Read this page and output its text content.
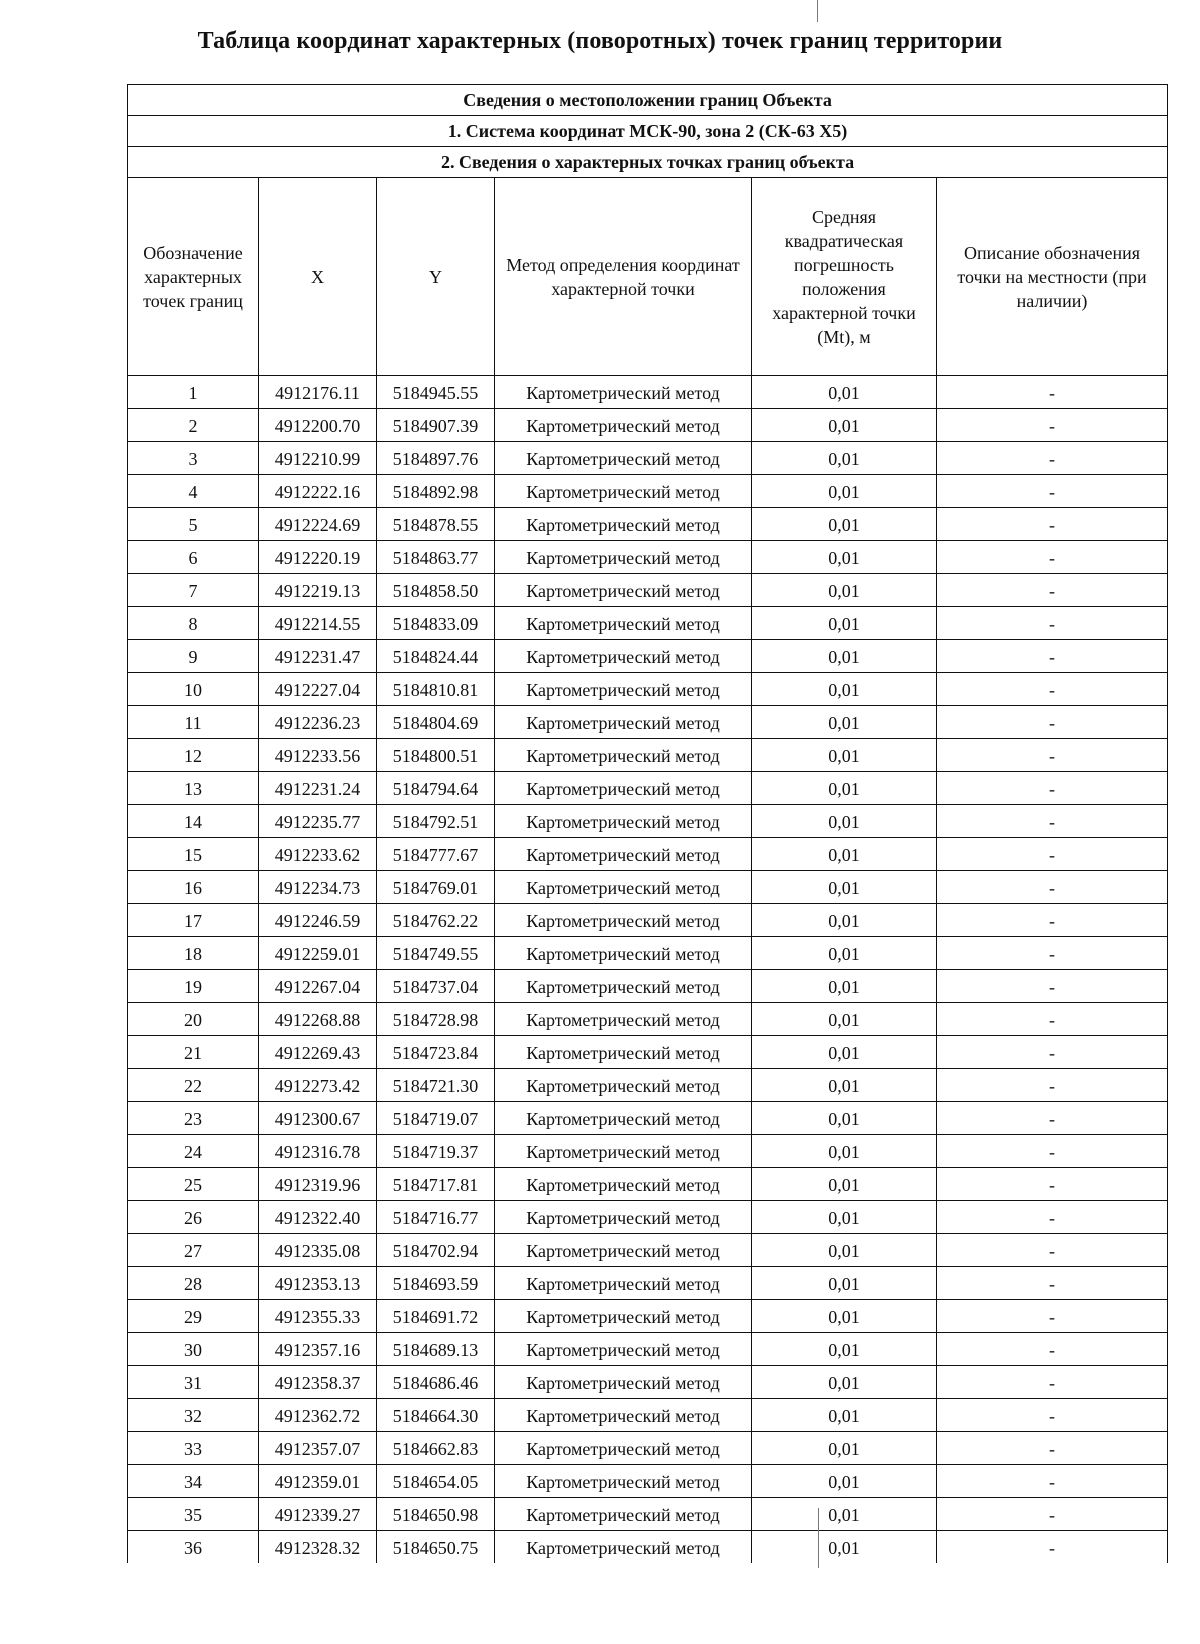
Таблица координат характерных (поворотных) точек границ территории
Сведения о местоположении границ Объекта					
1. Система координат МСК-90, зона 2 (СК-63 Х5)					
2. Сведения о характерных точках границ объекта					
Обозначение характерных точек границ	X	Y	Метод определения координат характерной точки	Средняя квадратическая погрешность положения характерной точки (Mt), м	Описание обозначения точки на местности (при наличии)
1	4912176.11	5184945.55	Картометрический метод	0,01	-
2	4912200.70	5184907.39	Картометрический метод	0,01	-
3	4912210.99	5184897.76	Картометрический метод	0,01	-
4	4912222.16	5184892.98	Картометрический метод	0,01	-
5	4912224.69	5184878.55	Картометрический метод	0,01	-
6	4912220.19	5184863.77	Картометрический метод	0,01	-
7	4912219.13	5184858.50	Картометрический метод	0,01	-
8	4912214.55	5184833.09	Картометрический метод	0,01	-
9	4912231.47	5184824.44	Картометрический метод	0,01	-
10	4912227.04	5184810.81	Картометрический метод	0,01	-
11	4912236.23	5184804.69	Картометрический метод	0,01	-
12	4912233.56	5184800.51	Картометрический метод	0,01	-
13	4912231.24	5184794.64	Картометрический метод	0,01	-
14	4912235.77	5184792.51	Картометрический метод	0,01	-
15	4912233.62	5184777.67	Картометрический метод	0,01	-
16	4912234.73	5184769.01	Картометрический метод	0,01	-
17	4912246.59	5184762.22	Картометрический метод	0,01	-
18	4912259.01	5184749.55	Картометрический метод	0,01	-
19	4912267.04	5184737.04	Картометрический метод	0,01	-
20	4912268.88	5184728.98	Картометрический метод	0,01	-
21	4912269.43	5184723.84	Картометрический метод	0,01	-
22	4912273.42	5184721.30	Картометрический метод	0,01	-
23	4912300.67	5184719.07	Картометрический метод	0,01	-
24	4912316.78	5184719.37	Картометрический метод	0,01	-
25	4912319.96	5184717.81	Картометрический метод	0,01	-
26	4912322.40	5184716.77	Картометрический метод	0,01	-
27	4912335.08	5184702.94	Картометрический метод	0,01	-
28	4912353.13	5184693.59	Картометрический метод	0,01	-
29	4912355.33	5184691.72	Картометрический метод	0,01	-
30	4912357.16	5184689.13	Картометрический метод	0,01	-
31	4912358.37	5184686.46	Картометрический метод	0,01	-
32	4912362.72	5184664.30	Картометрический метод	0,01	-
33	4912357.07	5184662.83	Картометрический метод	0,01	-
34	4912359.01	5184654.05	Картометрический метод	0,01	-
35	4912339.27	5184650.98	Картометрический метод	0,01	-
36	4912328.32	5184650.75	Картометрический метод	0,01	-
